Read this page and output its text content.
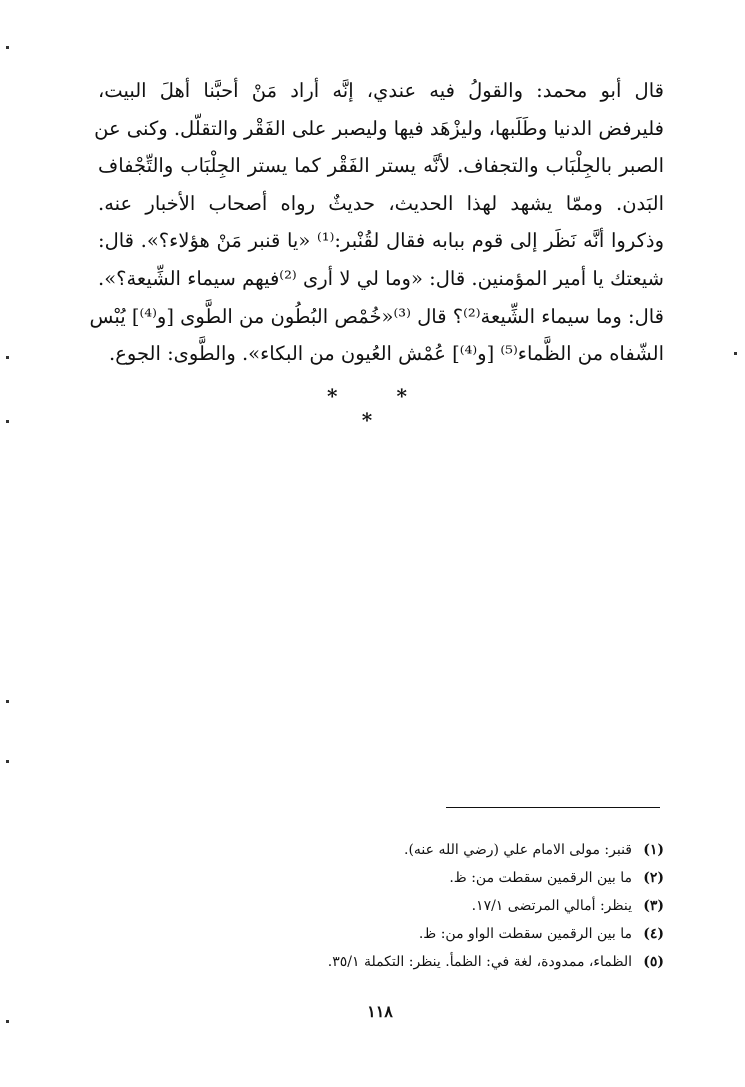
قال أبو محمد: والقولُ فيه عندي، إنَّه أراد مَنْ أحبَّنا أهلَ البيت،
فليرفض الدنيا وطَلَبها، وليزْهَد فيها وليصبر على الفَقْر والتقلّل. وكنى عن
الصبر بالجِلْبَاب والتجفاف. لأنَّه يستر الفَقْر كما يستر الجِلْبَاب والتِّجْفاف
البَدن. وممّا يشهد لهذا الحديث، حديثٌ رواه أصحاب الأخبار عنه.
وذكروا أنَّه نَظَر إلى قوم ببابه فقال لقُنْبر:⁽¹⁾ «يا قنبر مَنْ هؤلاء؟». قال:
شيعتك يا أمير المؤمنين. قال: «وما لي لا أرى ⁽²⁾فيهم سيماء الشِّيعة؟».
قال: وما سيماء الشِّيعة⁽²⁾؟ قال ⁽³⁾«خُمْص البُطُون من الطَّوى [و⁽⁴⁾] يُبْس
الشّفاه من الظَّماء⁽⁵⁾ [و⁽⁴⁾] عُمْش العُيون من البكاء». والطَّوى: الجوع.
* * *
(١)
قنبر: مولى الامام علي (رضي الله عنه).
(٢)
ما بين الرقمين سقطت من: ظ.
(٣)
ينظر: أمالي المرتضى ١٧/١.
(٤)
ما بين الرقمين سقطت الواو من: ظ.
(٥)
الظماء، ممدودة، لغة في: الظمأ. ينظر: التكملة ٣٥/١.
١١٨
